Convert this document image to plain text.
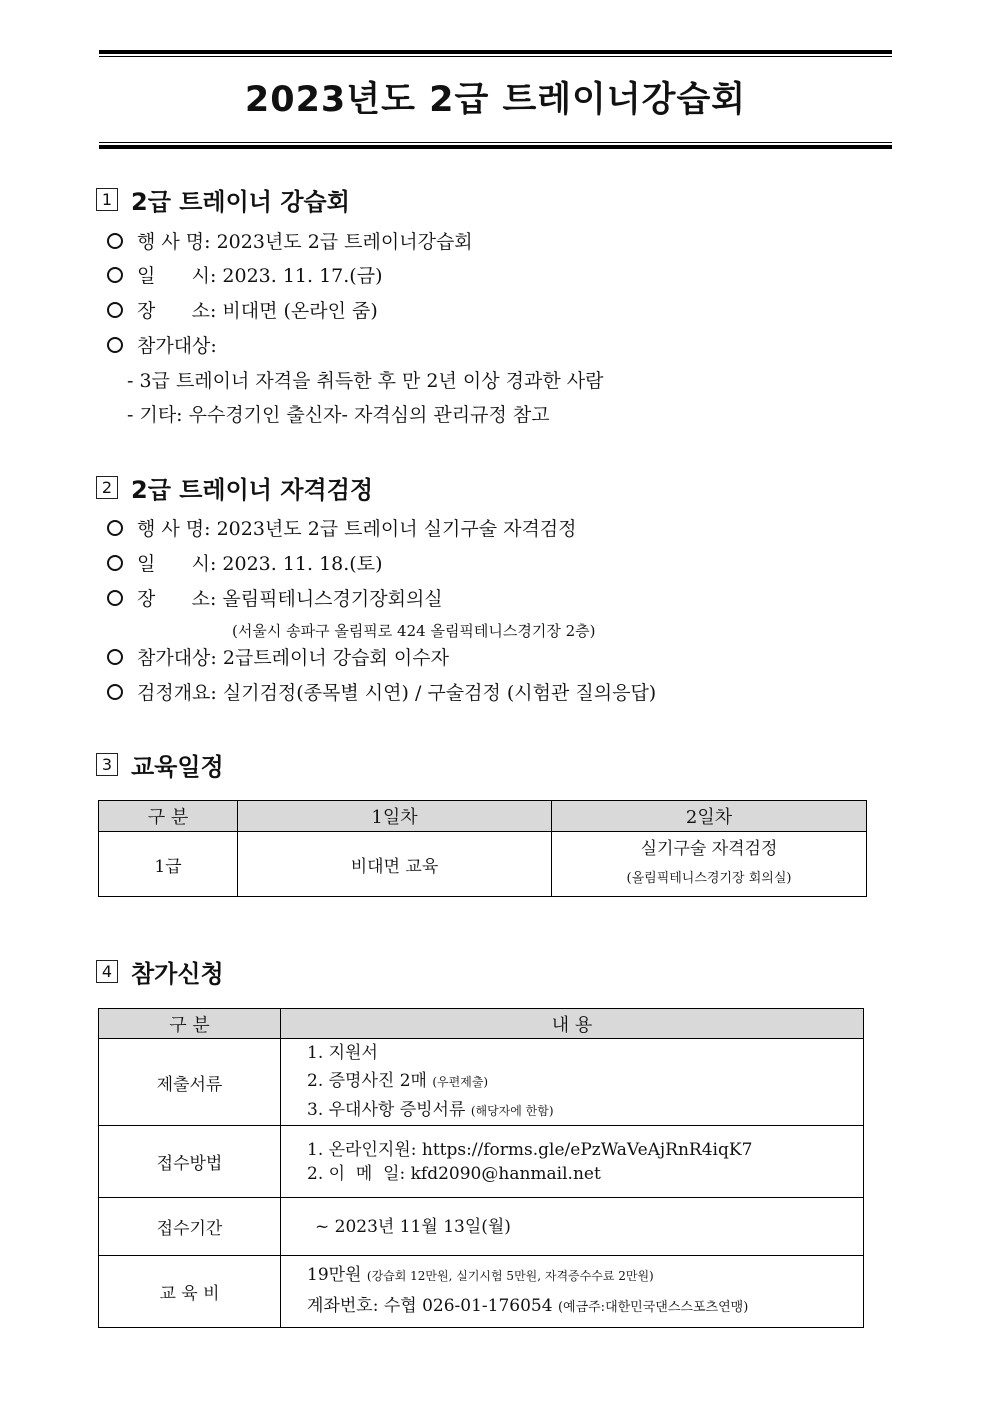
2023년도 2급 트레이너강습회
1 2급 트레이너 강습회
행 사 명: 2023년도 2급 트레이너강습회
일      시: 2023. 11. 17.(금)
장      소: 비대면 (온라인 줌)
참가대상:
- 3급 트레이너 자격을 취득한 후 만 2년 이상 경과한 사람
- 기타: 우수경기인 출신자- 자격심의 관리규정 참고
2 2급 트레이너 자격검정
행 사 명: 2023년도 2급 트레이너 실기구술 자격검정
일      시: 2023. 11. 18.(토)
장      소: 올림픽테니스경기장회의실
(서울시 송파구 올림픽로 424 올림픽테니스경기장 2층)
참가대상: 2급트레이너 강습회 이수자
검정개요: 실기검정(종목별 시연) / 구술검정 (시험관 질의응답)
3 교육일정
구 분	1일차	2일차
1급	비대면 교육	실기구술 자격검정
(올림픽테니스경기장 회의실)
4 참가신청
구 분	내 용
제출서류	1. 지원서
2. 증명사진 2매 (우편제출)
3. 우대사항 증빙서류 (해당자에 한함)

접수방법	1. 온라인지원: https://forms.gle/ePzWaVeAjRnR4iqK7
2. 이  메  일: kfd2090@hanmail.net

접수기간	~ 2023년 11월 13일(월)
교 육 비	19만원 (강습회 12만원, 실기시험 5만원, 자격증수수료 2만원)
계좌번호: 수협 026-01-176054 (예금주:대한민국댄스스포츠연맹)
